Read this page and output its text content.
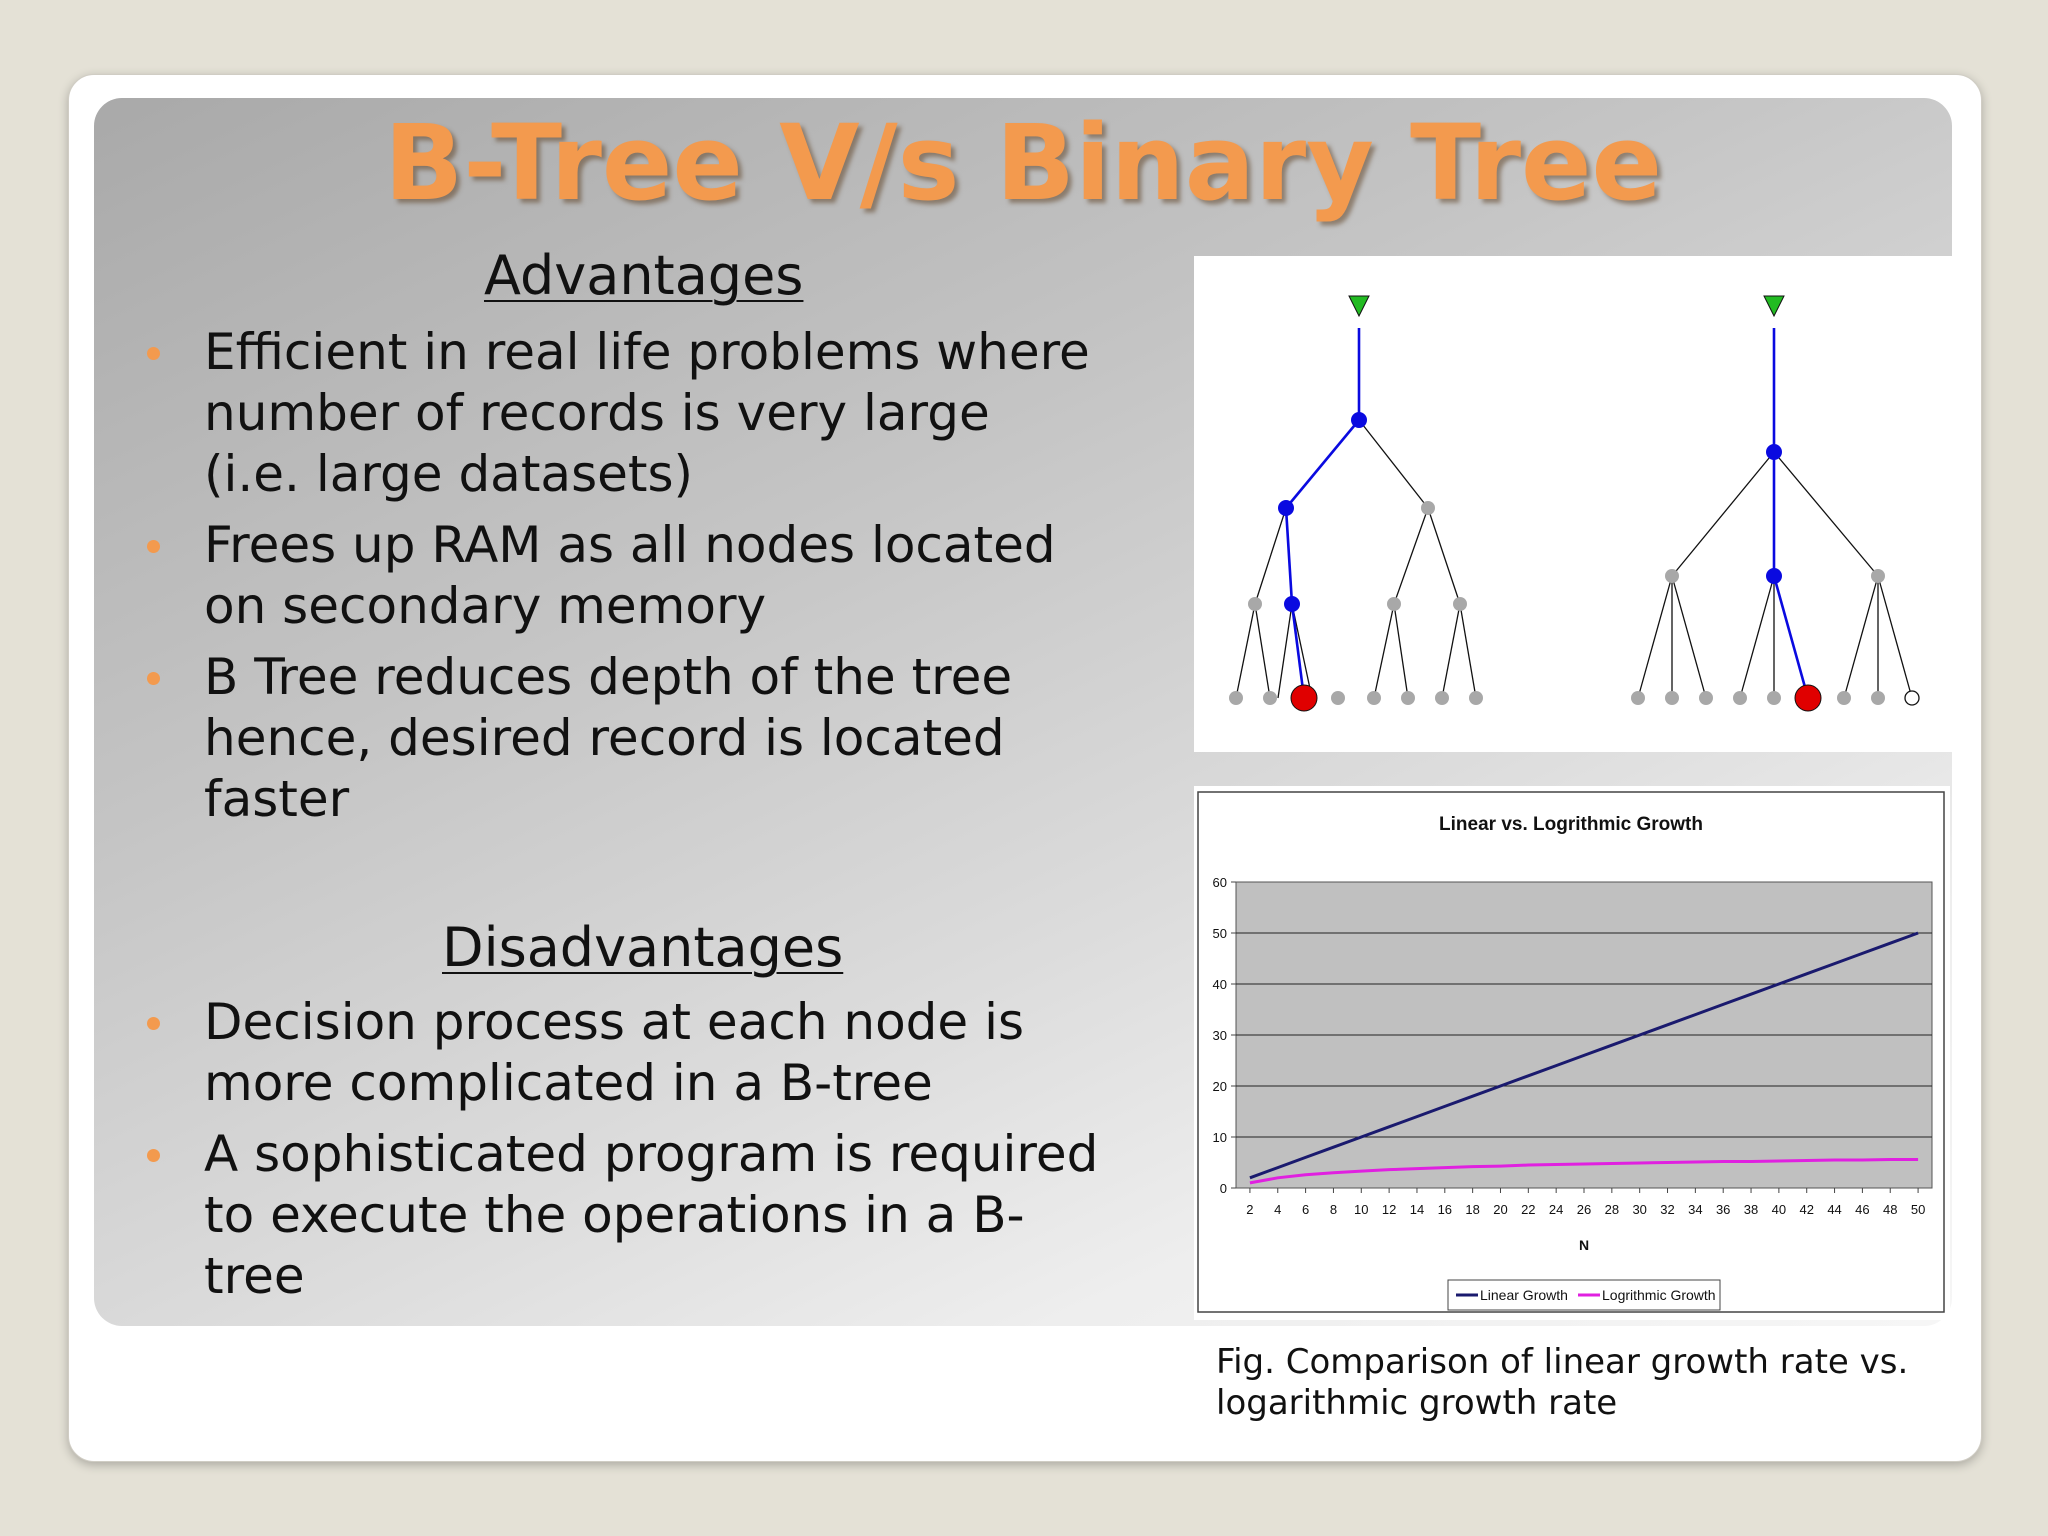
B-Tree V/s Binary Tree
Advantages
Efficient in real life problems where number of records is very large (i.e. large datasets)
Frees up RAM as all nodes located on secondary memory
B Tree reduces depth of the tree hence, desired record is located faster
Disadvantages
Decision process at each node is more complicated in a B-tree
A sophisticated program is required to execute the operations in a B-tree
Linear vs. Logrithmic Growth
0
10
20
30
40
50
60
2 4 6 8 10 12 14 16 18 20 22 24 26 28 30 32 34 36 38 40 42 44 46 48 50
N
Linear Growth Logrithmic Growth
Fig. Comparison of linear growth rate vs. logarithmic growth rate
